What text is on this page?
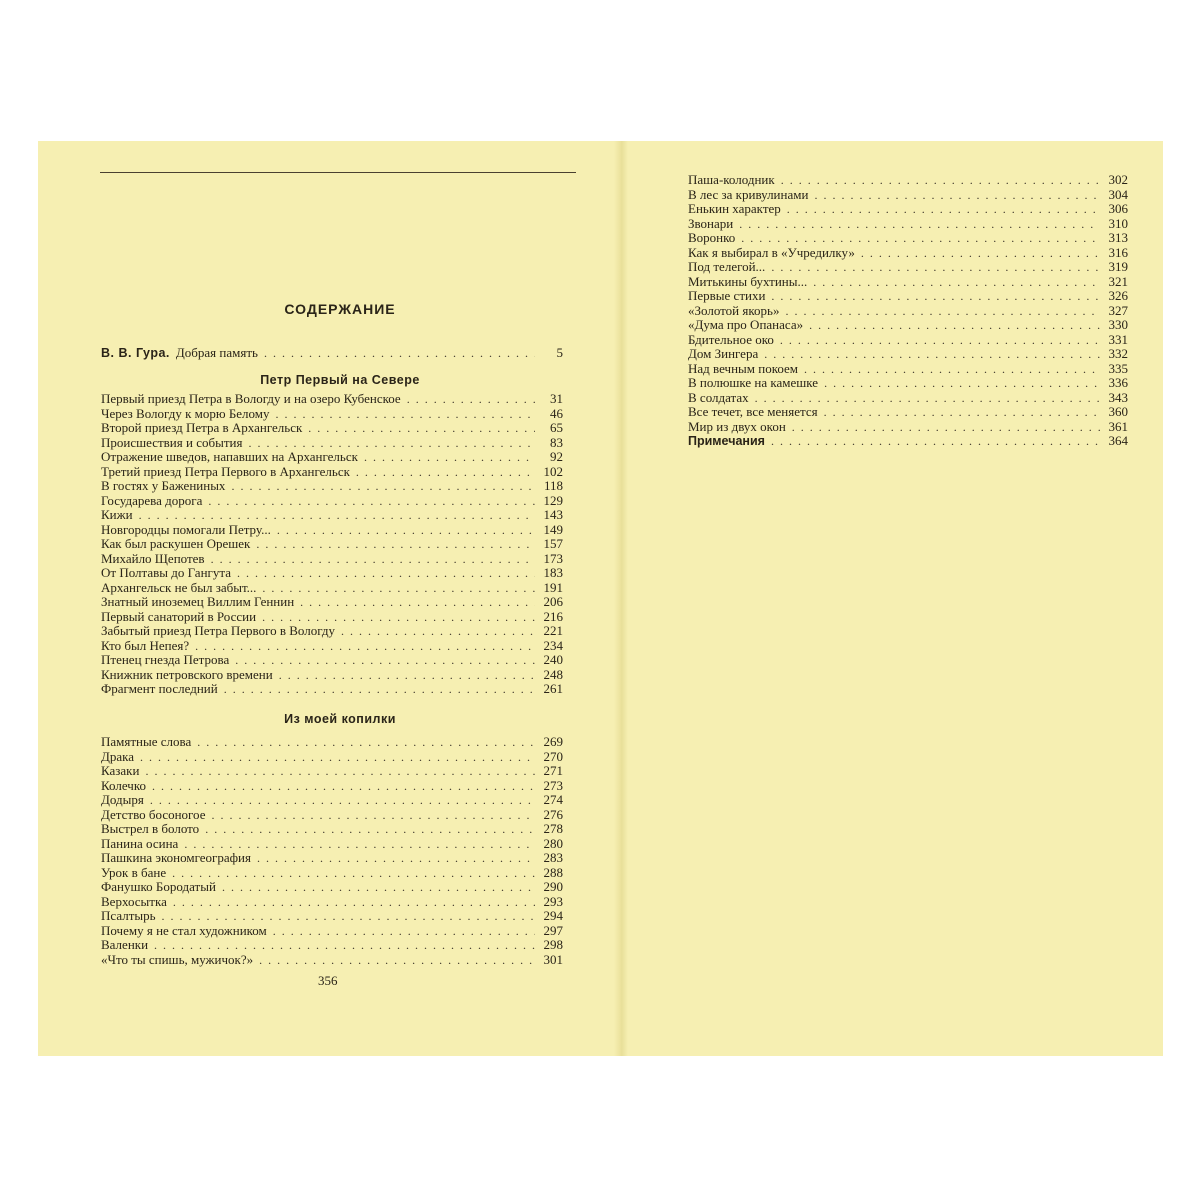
СОДЕРЖАНИЕ
В. В. Гура. Добрая память . . .	5
Петр Первый на Севере
Первый приезд Петра в Вологду и на озеро Кубенское . . .	31
Через Вологду к морю Белому . . .	46
Второй приезд Петра в Архангельск . . .	65
Происшествия и события . . .	83
Отражение шведов, напавших на Архангельск . . .	92
Третий приезд Петра Первого в Архангельск . . .	102
В гостях у Бажениных . . .	118
Государева дорога . . .	129
Кижи . . .	143
Новгородцы помогали Петру... . . .	149
Как был раскушен Орешек . . .	157
Михайло Щепотев . . .	173
От Полтавы до Гангута . . .	183
Архангельск не был забыт... . . .	191
Знатный иноземец Виллим Геннин . . .	206
Первый санаторий в России . . .	216
Забытый приезд Петра Первого в Вологду . . .	221
Кто был Непея? . . .	234
Птенец гнезда Петрова . . .	240
Книжник петровского времени . . .	248
Фрагмент последний . . .	261
Из моей копилки
Памятные слова . . .	269
Драка . . .	270
Казаки . . .	271
Колечко . . .	273
Додыря . . .	274
Детство босоногое . . .	276
Выстрел в болото . . .	278
Панина осина . . .	280
Пашкина экономгеография . . .	283
Урок в бане . . .	288
Фанушко Бородатый . . .	290
Верхосытка . . .	293
Псалтырь . . .	294
Почему я не стал художником . . .	297
Валенки . . .	298
«Что ты спишь, мужичок?» . . .	301
356
Паша-колодник . . .	302
В лес за кривулинами . . .	304
Енькин характер . . .	306
Звонари . . .	310
Воронко . . .	313
Как я выбирал в «Учредилку» . . .	316
Под телегой... . . .	319
Митькины бухтины... . . .	321
Первые стихи . . .	326
«Золотой якорь» . . .	327
«Дума про Опанаса» . . .	330
Бдительное око . . .	331
Дом Зингера . . .	332
Над вечным покоем . . .	335
В полюшке на камешке . . .	336
В солдатах . . .	343
Все течет, все меняется . . .	360
Мир из двух окон . . .	361
Примечания . . .	364
